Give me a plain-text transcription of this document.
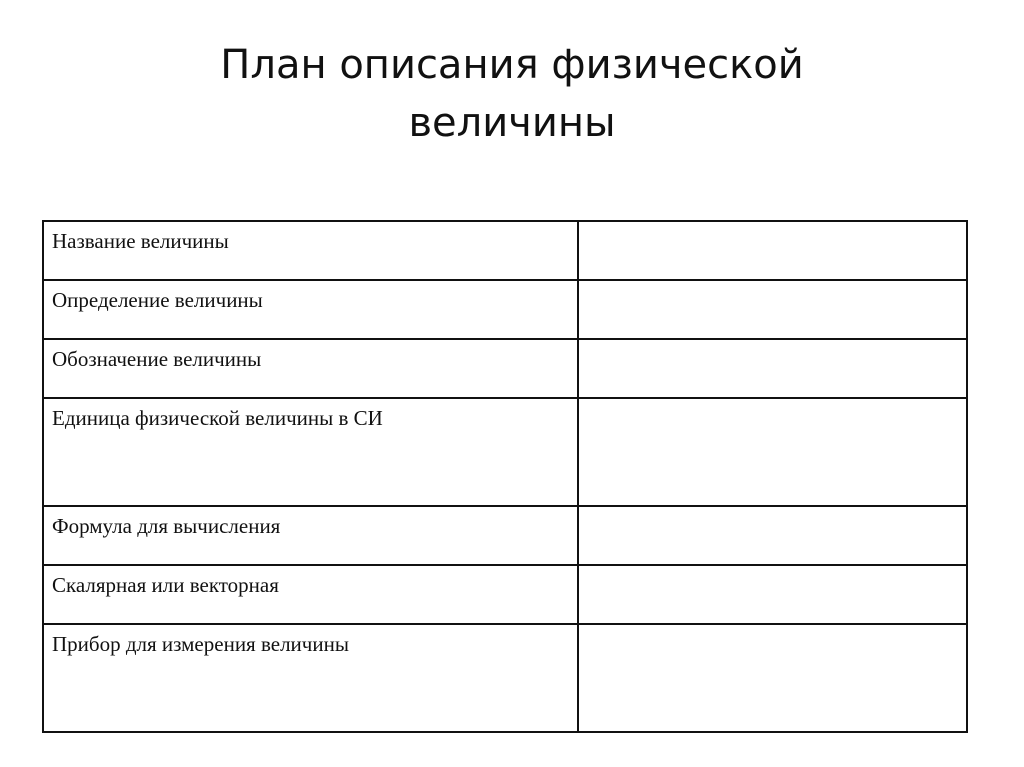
План описания физической
величины
Название величины	
Определение величины	
Обозначение величины	
Единица физической величины в СИ	
Формула для вычисления	
Скалярная или векторная	
Прибор для измерения величины	
